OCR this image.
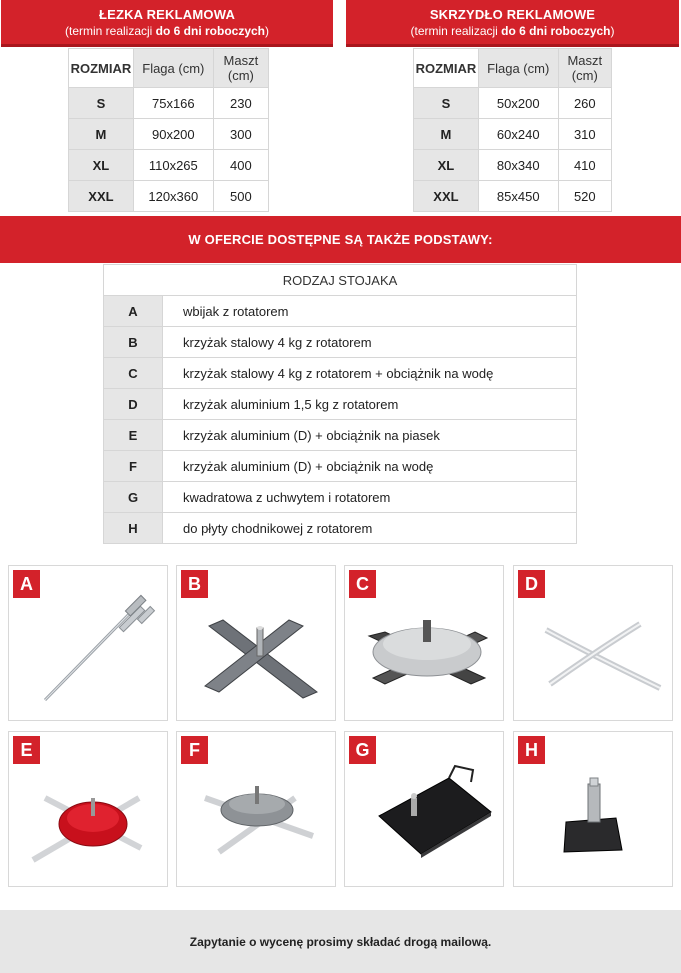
ŁEZKA REKLAMOWA
(termin realizacji do 6 dni roboczych)
SKRZYDŁO REKLAMOWE
(termin realizacji do 6 dni roboczych)
ROZMIAR	Flaga (cm)	Maszt (cm)
S	75x166	230
M	90x200	300
XL	110x265	400
XXL	120x360	500
ROZMIAR	Flaga (cm)	Maszt (cm)
S	50x200	260
M	60x240	310
XL	80x340	410
XXL	85x450	520
W OFERCIE DOSTĘPNE SĄ TAKŻE PODSTAWY:
RODZAJ STOJAKA	
A	wbijak z rotatorem
B	krzyżak stalowy 4 kg z rotatorem
C	krzyżak stalowy 4 kg z rotatorem + obciążnik na wodę
D	krzyżak aluminium 1,5 kg z rotatorem
E	krzyżak aluminium (D) + obciążnik na piasek
F	krzyżak aluminium (D) + obciążnik na wodę
G	kwadratowa z uchwytem i rotatorem
H	do płyty chodnikowej z rotatorem
A	B	C	D
E	F	G	H
Zapytanie o wycenę prosimy składać drogą mailową.
